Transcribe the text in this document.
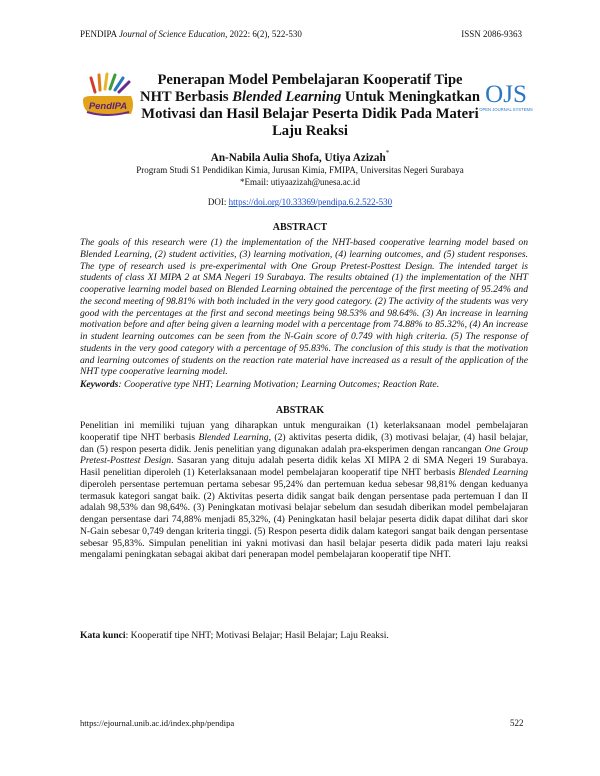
PENDIPA Journal of Science Education, 2022: 6(2), 522-530	ISSN 2086-9363
PendIPA
Penerapan Model Pembelajaran Kooperatif Tipe NHT Berbasis Blended Learning Untuk Meningkatkan Motivasi dan Hasil Belajar Peserta Didik Pada Materi Laju Reaksi
OJS
OPEN JOURNAL SYSTEMS
An-Nabila Aulia Shofa, Utiya Azizah*
Program Studi S1 Pendidikan Kimia, Jurusan Kimia, FMIPA, Universitas Negeri Surabaya
*Email: utiyaazizah@unesa.ac.id
DOI: https://doi.org/10.33369/pendipa.6.2.522-530
ABSTRACT
The goals of this research were (1) the implementation of the NHT-based cooperative learning model based on Blended Learning, (2) student activities, (3) learning motivation, (4) learning outcomes, and (5) student responses. The type of research used is pre-experimental with One Group Pretest-Posttest Design. The intended target is students of class XI MIPA 2 at SMA Negeri 19 Surabaya. The results obtained (1) the implementation of the NHT cooperative learning model based on Blended Learning obtained the percentage of the first meeting of 95.24% and the second meeting of 98.81% with both included in the very good category. (2) The activity of the students was very good with the percentages at the first and second meetings being 98.53% and 98.64%. (3) An increase in learning motivation before and after being given a learning model with a percentage from 74.88% to 85.32%, (4) An increase in student learning outcomes can be seen from the N-Gain score of 0.749 with high criteria. (5) The response of students in the very good category with a percentage of 95.83%. The conclusion of this study is that the motivation and learning outcomes of students on the reaction rate material have increased as a result of the application of the NHT type cooperative learning model.
Keywords: Cooperative type NHT; Learning Motivation; Learning Outcomes; Reaction Rate.
ABSTRAK
Penelitian ini memiliki tujuan yang diharapkan untuk menguraikan (1) keterlaksanaan model pembelajaran kooperatif tipe NHT berbasis Blended Learning, (2) aktivitas peserta didik, (3) motivasi belajar, (4) hasil belajar, dan (5) respon peserta didik. Jenis penelitian yang digunakan adalah pra-eksperimen dengan rancangan One Group Pretest-Posttest Design. Sasaran yang dituju adalah peserta didik kelas XI MIPA 2 di SMA Negeri 19 Surabaya. Hasil penelitian diperoleh (1) Keterlaksanaan model pembelajaran kooperatif tipe NHT berbasis Blended Learning diperoleh persentase pertemuan pertama sebesar 95,24% dan pertemuan kedua sebesar 98,81% dengan keduanya termasuk kategori sangat baik. (2) Aktivitas peserta didik sangat baik dengan persentase pada pertemuan I dan II adalah 98,53% dan 98,64%. (3) Peningkatan motivasi belajar sebelum dan sesudah diberikan model pembelajaran dengan persentase dari 74,88% menjadi 85,32%, (4) Peningkatan hasil belajar peserta didik dapat dilihat dari skor N-Gain sebesar 0,749 dengan kriteria tinggi. (5) Respon peserta didik dalam kategori sangat baik dengan persentase sebesar 95,83%. Simpulan penelitian ini yakni motivasi dan hasil belajar peserta didik pada materi laju reaksi mengalami peningkatan sebagai akibat dari penerapan model pembelajaran kooperatif tipe NHT.
Kata kunci: Kooperatif tipe NHT; Motivasi Belajar; Hasil Belajar; Laju Reaksi.
https://ejournal.unib.ac.id/index.php/pendipa	522
